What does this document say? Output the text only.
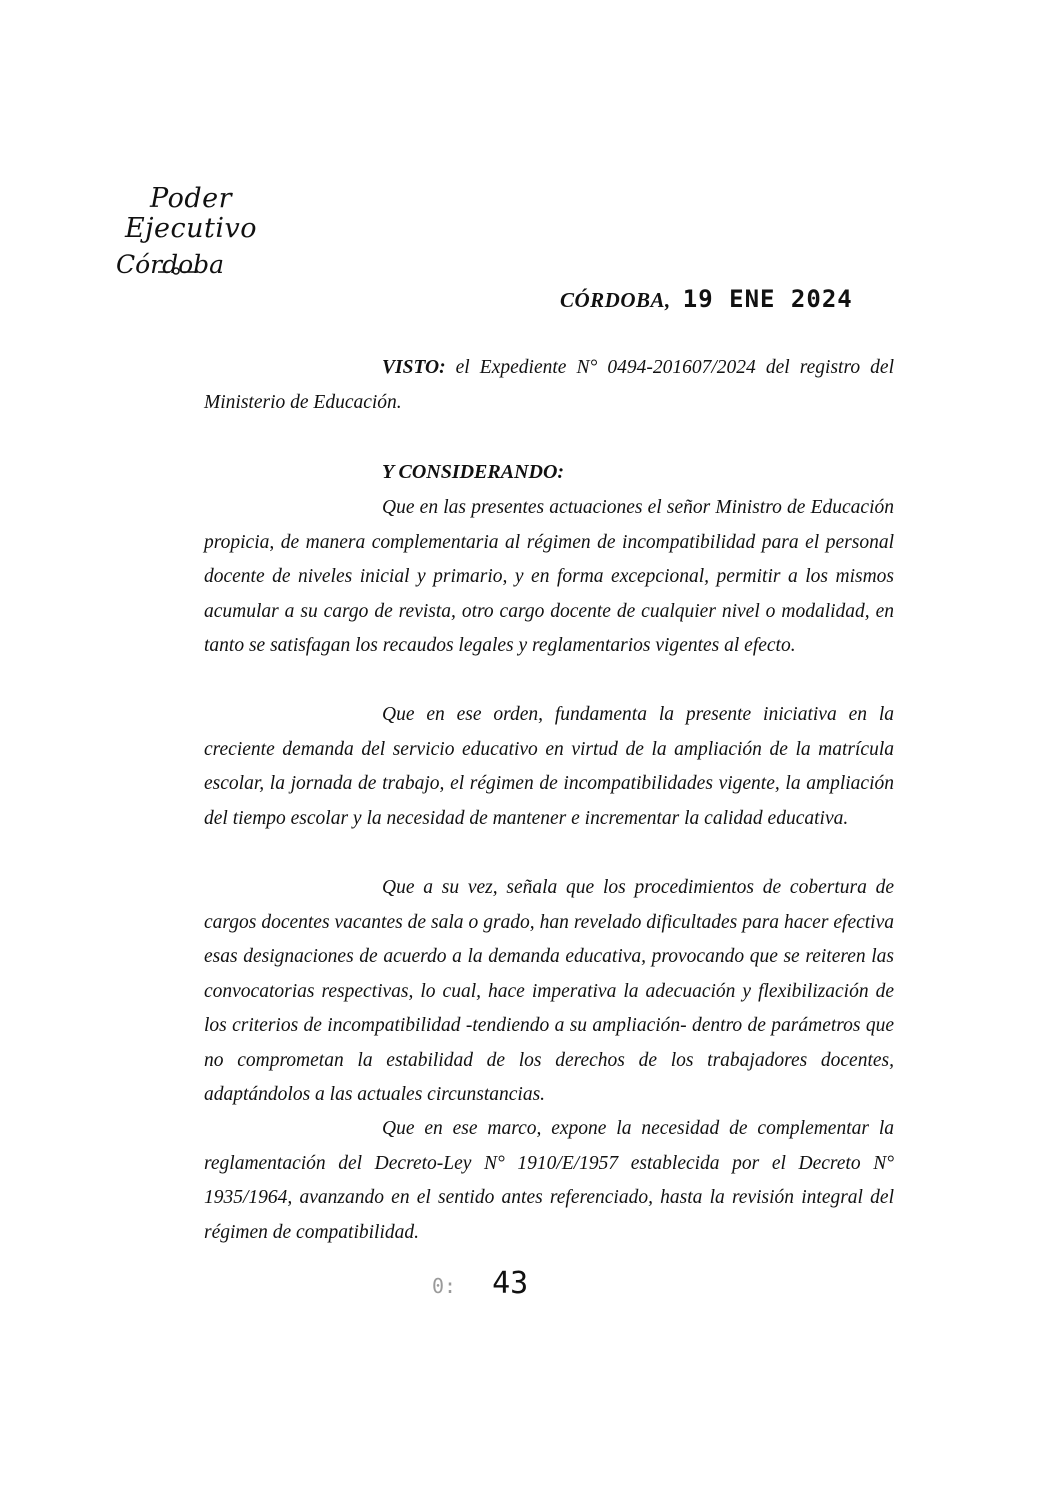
Poder Ejecutivo
Córdoba
CÓRDOBA, 19 ENE 2024
VISTO: el Expediente N° 0494-201607/2024 del registro del Ministerio de Educación.
Y CONSIDERANDO:
Que en las presentes actuaciones el señor Ministro de Educación propicia, de manera complementaria al régimen de incompatibilidad para el personal docente de niveles inicial y primario, y en forma excepcional, permitir a los mismos acumular a su cargo de revista, otro cargo docente de cualquier nivel o modalidad, en tanto se satisfagan los recaudos legales y reglamentarios vigentes al efecto.
Que en ese orden, fundamenta la presente iniciativa en la creciente demanda del servicio educativo en virtud de la ampliación de la matrícula escolar, la jornada de trabajo, el régimen de incompatibilidades vigente, la ampliación del tiempo escolar y la necesidad de mantener e incrementar la calidad educativa.
Que a su vez, señala que los procedimientos de cobertura de cargos docentes vacantes de sala o grado, han revelado dificultades para hacer efectiva esas designaciones de acuerdo a la demanda educativa, provocando que se reiteren las convocatorias respectivas, lo cual, hace imperativa la adecuación y flexibilización de los criterios de incompatibilidad -tendiendo a su ampliación- dentro de parámetros que no comprometan la estabilidad de los derechos de los trabajadores docentes, adaptándolos a las actuales circunstancias.
Que en ese marco, expone la necesidad de complementar la reglamentación del Decreto-Ley N° 1910/E/1957 establecida por el Decreto N° 1935/1964, avanzando en el sentido antes referenciado, hasta la revisión integral del régimen de compatibilidad.
0: 43
